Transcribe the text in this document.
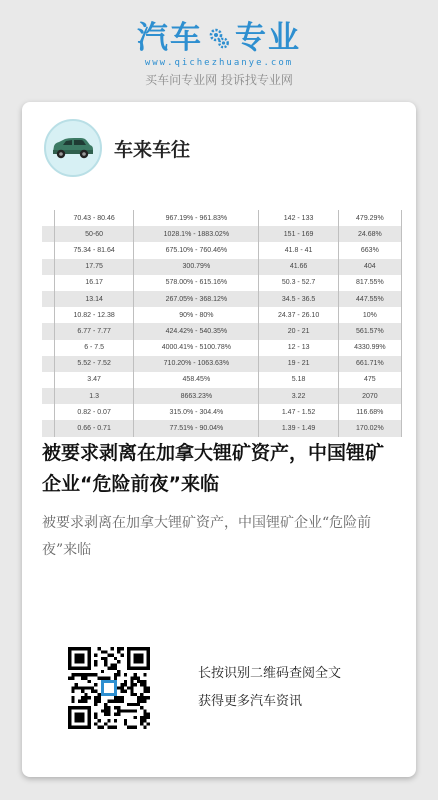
汽车 专业
www.qichezhuanye.com
买车问专业网 投诉找专业网
车来车往
	70.43 - 80.46	967.19% - 961.83%	142 - 133	479.29%
	50-60	1028.1% - 1883.02%	151 - 169	24.68%
	75.34 - 81.64	675.10% - 760.46%	41.8 - 41	663%
	17.75	300.79%	41.66	404
	16.17	578.00% - 615.16%	50.3 - 52.7	817.55%
	13.14	267.05% - 368.12%	34.5 - 36.5	447.55%
	10.82 - 12.38	90% - 80%	24.37 - 26.10	10%
	6.77 - 7.77	424.42% - 540.35%	20 - 21	561.57%
	6 - 7.5	4000.41% - 5100.78%	12 - 13	4330.99%
	5.52 - 7.52	710.20% - 1063.63%	19 - 21	661.71%
	3.47	458.45%	5.18	475
	1.3	8663.23%	3.22	2070
	0.82 - 0.07	315.0% - 304.4%	1.47 - 1.52	116.68%
	0.66 - 0.71	77.51% - 90.04%	1.39 - 1.49	170.02%
被要求剥离在加拿大锂矿资产，中国锂矿企业“危险前夜”来临
被要求剥离在加拿大锂矿资产，中国锂矿企业“危险前夜”来临
长按识别二维码查阅全文
获得更多汽车资讯
